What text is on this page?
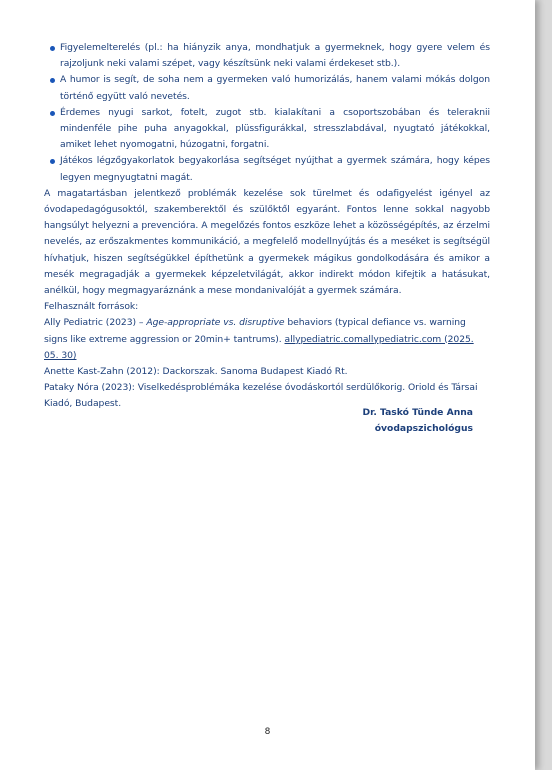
Figyelemelterelés (pl.: ha hiányzik anya, mondhatjuk a gyermeknek, hogy gyere velem és rajzoljunk neki valami szépet, vagy készítsünk neki valami érdekeset stb.).
A humor is segít, de soha nem a gyermeken való humorizálás, hanem valami mókás dolgon történő együtt való nevetés.
Érdemes nyugi sarkot, fotelt, zugot stb. kialakítani a csoportszobában és teleraknii mindenféle pihe puha anyagokkal, plüssfigurákkal, stresszlabdával, nyugtató játékokkal, amiket lehet nyomogatni, húzogatni, forgatni.
Játékos légzőgyakorlatok begyakorlása segítséget nyújthat a gyermek számára, hogy képes legyen megnyugtatni magát.

A magatartásban jelentkező problémák kezelése sok türelmet és odafigyelést igényel az óvodapedagógusoktól, szakemberektől és szülőktől egyaránt. Fontos lenne sokkal nagyobb hangsúlyt helyezni a prevencióra. A megelőzés fontos eszköze lehet a közösségépítés, az érzelmi nevelés, az erőszakmentes kommunikáció, a megfelelő modellnyújtás és a meséket is segítségül hívhatjuk, hiszen segítségükkel építhetünk a gyermekek mágikus gondolkodására és amikor a mesék megragadják a gyermekek képzeletvilágát, akkor indirekt módon kifejtik a hatásukat, anélkül, hogy megmagyaráznánk a mese mondanivalóját a gyermek számára.

Felhasznált források:

Ally Pediatric (2023) – Age-appropriate vs. disruptive behaviors (typical defiance vs. warning signs like extreme aggression or 20min+ tantrums). allypediatric.comallypediatric.com (2025. 05. 30)

Anette Kast-Zahn (2012): Dackorszak. Sanoma Budapest Kiadó Rt.

Pataky Nóra (2023): Viselkedésproblémáka kezelése óvodáskortól serdülőkorig. Oriold és Társai Kiadó, Budapest.

Dr. Taskó Tünde Anna
óvodapszichológus
8
